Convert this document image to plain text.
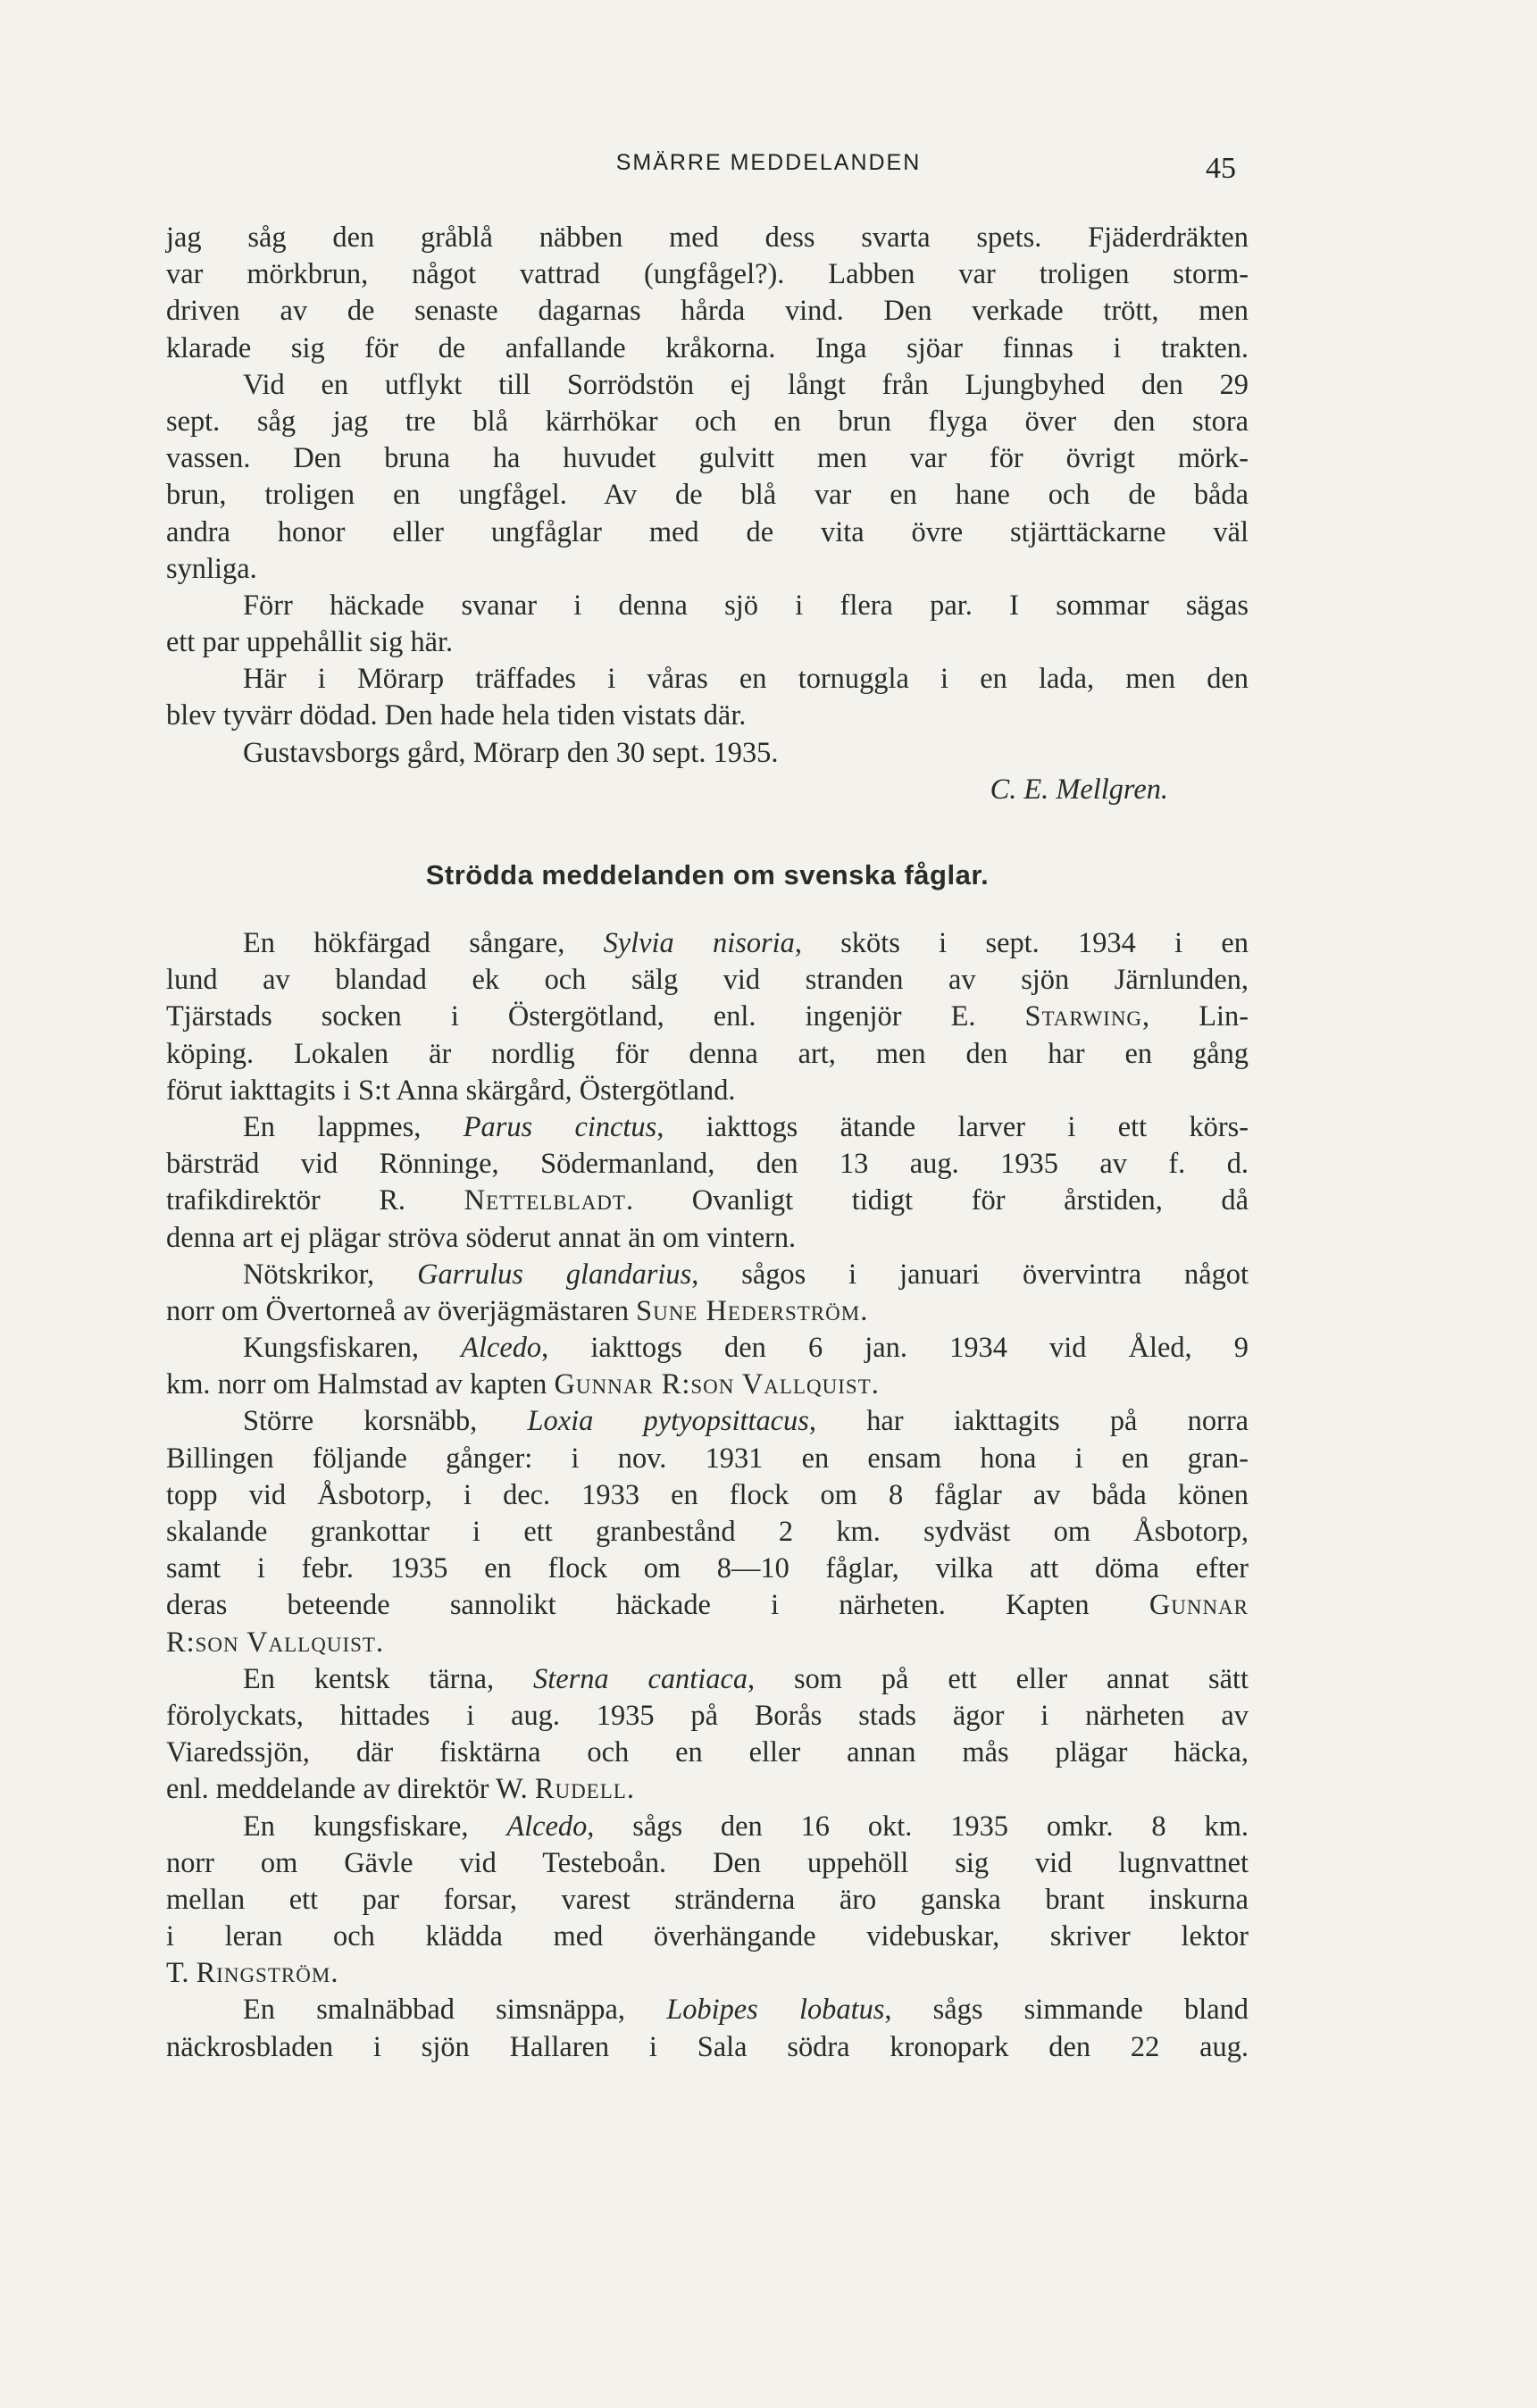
SMÄRRE MEDDELANDEN	45
jag såg den gråblå näbben med dess svarta spets. Fjäderdräkten
var mörkbrun, något vattrad (ungfågel?). Labben var troligen storm-
driven av de senaste dagarnas hårda vind. Den verkade trött, men
klarade sig för de anfallande kråkorna. Inga sjöar finnas i trakten.
Vid en utflykt till Sorrödstön ej långt från Ljungbyhed den 29
sept. såg jag tre blå kärrhökar och en brun flyga över den stora
vassen. Den bruna ha huvudet gulvitt men var för övrigt mörk-
brun, troligen en ungfågel. Av de blå var en hane och de båda
andra honor eller ungfåglar med de vita övre stjärttäckarne väl
synliga.
Förr häckade svanar i denna sjö i flera par. I sommar sägas
ett par uppehållit sig här.
Här i Mörarp träffades i våras en tornuggla i en lada, men den
blev tyvärr dödad. Den hade hela tiden vistats där.
Gustavsborgs gård, Mörarp den 30 sept. 1935.
C. E. Mellgren.
Strödda meddelanden om svenska fåglar.
En hökfärgad sångare, Sylvia nisoria, sköts i sept. 1934 i en
lund av blandad ek och sälg vid stranden av sjön Järnlunden,
Tjärstads socken i Östergötland, enl. ingenjör E. Starwing, Lin-
köping. Lokalen är nordlig för denna art, men den har en gång
förut iakttagits i S:t Anna skärgård, Östergötland.
En lappmes, Parus cinctus, iakttogs ätande larver i ett körs-
bärsträd vid Rönninge, Södermanland, den 13 aug. 1935 av f. d.
trafikdirektör R. Nettelbladt. Ovanligt tidigt för årstiden, då
denna art ej plägar ströva söderut annat än om vintern.
Nötskrikor, Garrulus glandarius, sågos i januari övervintra något
norr om Övertorneå av överjägmästaren Sune Hederström.
Kungsfiskaren, Alcedo, iakttogs den 6 jan. 1934 vid Åled, 9
km. norr om Halmstad av kapten Gunnar R:son Vallquist.
Större korsnäbb, Loxia pytyopsittacus, har iakttagits på norra
Billingen följande gånger: i nov. 1931 en ensam hona i en gran-
topp vid Åsbotorp, i dec. 1933 en flock om 8 fåglar av båda könen
skalande grankottar i ett granbestånd 2 km. sydväst om Åsbotorp,
samt i febr. 1935 en flock om 8—10 fåglar, vilka att döma efter
deras beteende sannolikt häckade i närheten. Kapten Gunnar
R:son Vallquist.
En kentsk tärna, Sterna cantiaca, som på ett eller annat sätt
förolyckats, hittades i aug. 1935 på Borås stads ägor i närheten av
Viaredssjön, där fisktärna och en eller annan mås plägar häcka,
enl. meddelande av direktör W. Rudell.
En kungsfiskare, Alcedo, sågs den 16 okt. 1935 omkr. 8 km.
norr om Gävle vid Testeboån. Den uppehöll sig vid lugnvattnet
mellan ett par forsar, varest stränderna äro ganska brant inskurna
i leran och klädda med överhängande videbuskar, skriver lektor
T. Ringström.
En smalnäbbad simsnäppa, Lobipes lobatus, sågs simmande bland
näckrosbladen i sjön Hallaren i Sala södra kronopark den 22 aug.
